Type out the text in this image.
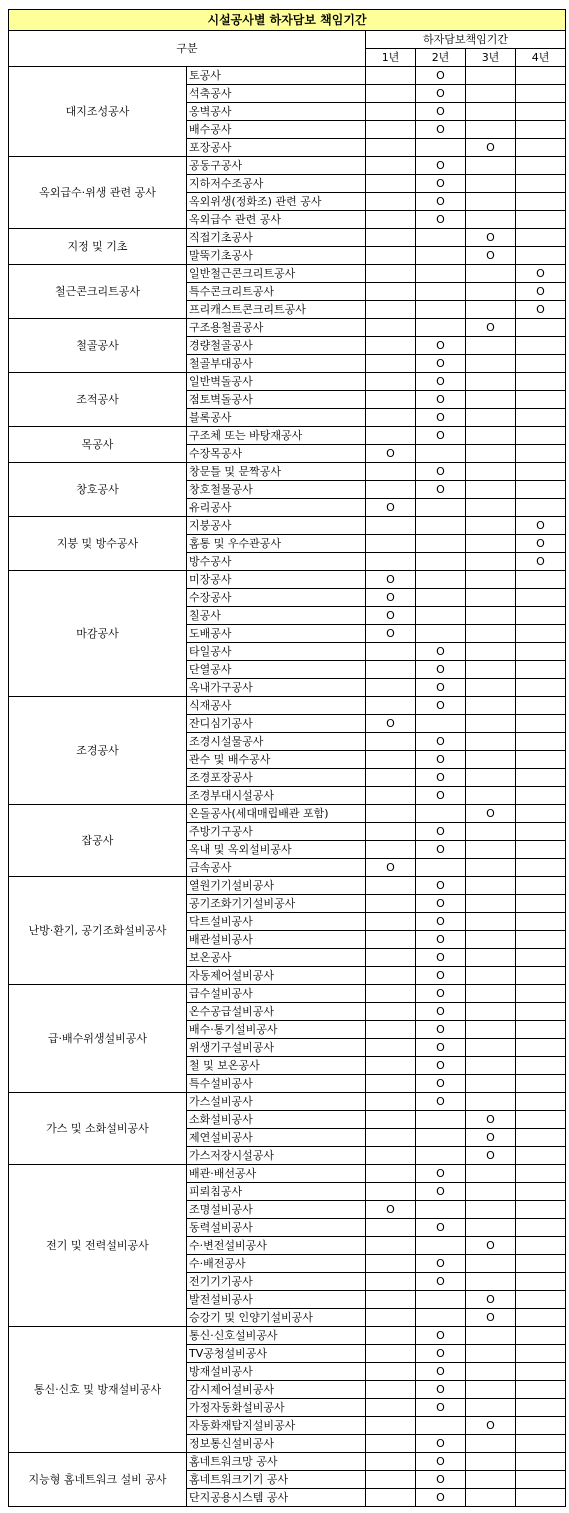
시설공사별 하자담보 책임기간					
구분		하자담보책임기간			
		1년	2년	3년	4년
대지조성공사	토공사		O		
	석축공사		O		
	옹벽공사		O		
	배수공사		O		
	포장공사			O	
옥외급수·위생 관련 공사	공동구공사		O		
	지하저수조공사		O		
	옥외위생(정화조) 관련 공사		O		
	옥외급수 관련 공사		O		
지정 및 기초	직접기초공사			O	
	말뚝기초공사			O	
철근콘크리트공사	일반철근콘크리트공사				O
	특수콘크리트공사				O
	프리캐스트콘크리트공사				O
철골공사	구조용철골공사			O	
	경량철골공사		O		
	철골부대공사		O		
조적공사	일반벽돌공사		O		
	점토벽돌공사		O		
	블록공사		O		
목공사	구조체 또는 바탕재공사		O		
	수장목공사	O			
창호공사	창문틀 및 문짝공사		O		
	창호철물공사		O		
	유리공사	O			
지붕 및 방수공사	지붕공사				O
	홈통 및 우수관공사				O
	방수공사				O
마감공사	미장공사	O			
	수장공사	O			
	칠공사	O			
	도배공사	O			
	타일공사		O		
	단열공사		O		
	옥내가구공사		O		
조경공사	식재공사		O		
	잔디심기공사	O			
	조경시설물공사		O		
	관수 및 배수공사		O		
	조경포장공사		O		
	조경부대시설공사		O		
잡공사	온돌공사(세대매립배관 포함)			O	
	주방기구공사		O		
	옥내 및 옥외설비공사		O		
	금속공사	O			
난방·환기, 공기조화설비공사	열원기기설비공사		O		
	공기조화기기설비공사		O		
	닥트설비공사		O		
	배관설비공사		O		
	보온공사		O		
	자동제어설비공사		O		
급·배수위생설비공사	급수설비공사		O		
	온수공급설비공사		O		
	배수·통기설비공사		O		
	위생기구설비공사		O		
	철 및 보온공사		O		
	특수설비공사		O		
가스 및 소화설비공사	가스설비공사		O		
	소화설비공사			O	
	제연설비공사			O	
	가스저장시설공사			O	
전기 및 전력설비공사	배관·배선공사		O		
	피뢰침공사		O		
	조명설비공사	O			
	동력설비공사		O		
	수·변전설비공사			O	
	수·배전공사		O		
	전기기기공사		O		
	발전설비공사			O	
	승강기 및 인양기설비공사			O	
통신·신호 및 방재설비공사	통신·신호설비공사		O		
	TV공청설비공사		O		
	방재설비공사		O		
	감시제어설비공사		O		
	가정자동화설비공사		O		
	자동화재탐지설비공사			O	
	정보통신설비공사		O		
지능형 홈네트워크 설비 공사	홈네트워크망 공사		O		
	홈네트워크기기 공사		O		
	단지공용시스템 공사		O		
